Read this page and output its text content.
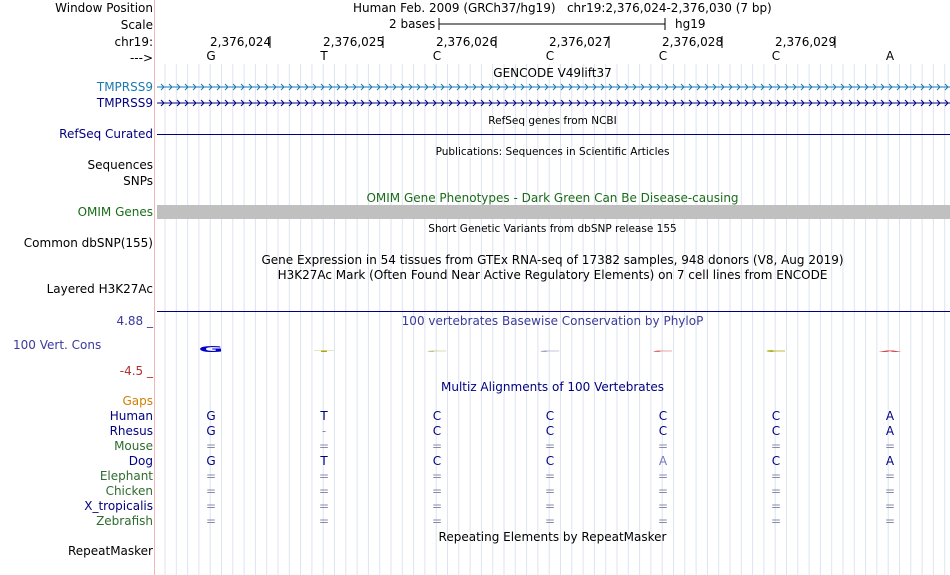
Window Position	Human Feb. 2009 (GRCh37/hg19)   chr19:2,376,024-2,376,030 (7 bp)
Scale	2 bases	hg19
chr19:	2,376,024	2,376,025	2,376,026	2,376,027	2,376,028	2,376,029
--->	G	T	C	C	C	C	A
GENCODE V49lift37
TMPRSS9
TMPRSS9
RefSeq genes from NCBI
RefSeq Curated
Publications: Sequences in Scientific Articles
Sequences
SNPs
OMIM Gene Phenotypes - Dark Green Can Be Disease-causing
OMIM Genes
Short Genetic Variants from dbSNP release 155
Common dbSNP(155)
Gene Expression in 54 tissues from GTEx RNA-seq of 17382 samples, 948 donors (V8, Aug 2019)
H3K27Ac Mark (Often Found Near Active Regulatory Elements) on 7 cell lines from ENCODE
Layered H3K27Ac
4.88 _	100 vertebrates Basewise Conservation by PhyloP
100 Vert. Cons	G	T	C	C	C	C	A
-4.5 _
Multiz Alignments of 100 Vertebrates
Gaps
Human	G	T	C	C	C	C	A
Rhesus	G	-	C	C	C	C	A
Mouse	=	=	=	=	=	=	=
Dog	G	T	C	C	A	C	A
Elephant	=	=	=	=	=	=	=
Chicken	=	=	=	=	=	=	=
X_tropicalis	=	=	=	=	=	=	=
Zebrafish	=	=	=	=	=	=	=
Repeating Elements by RepeatMasker
RepeatMasker
